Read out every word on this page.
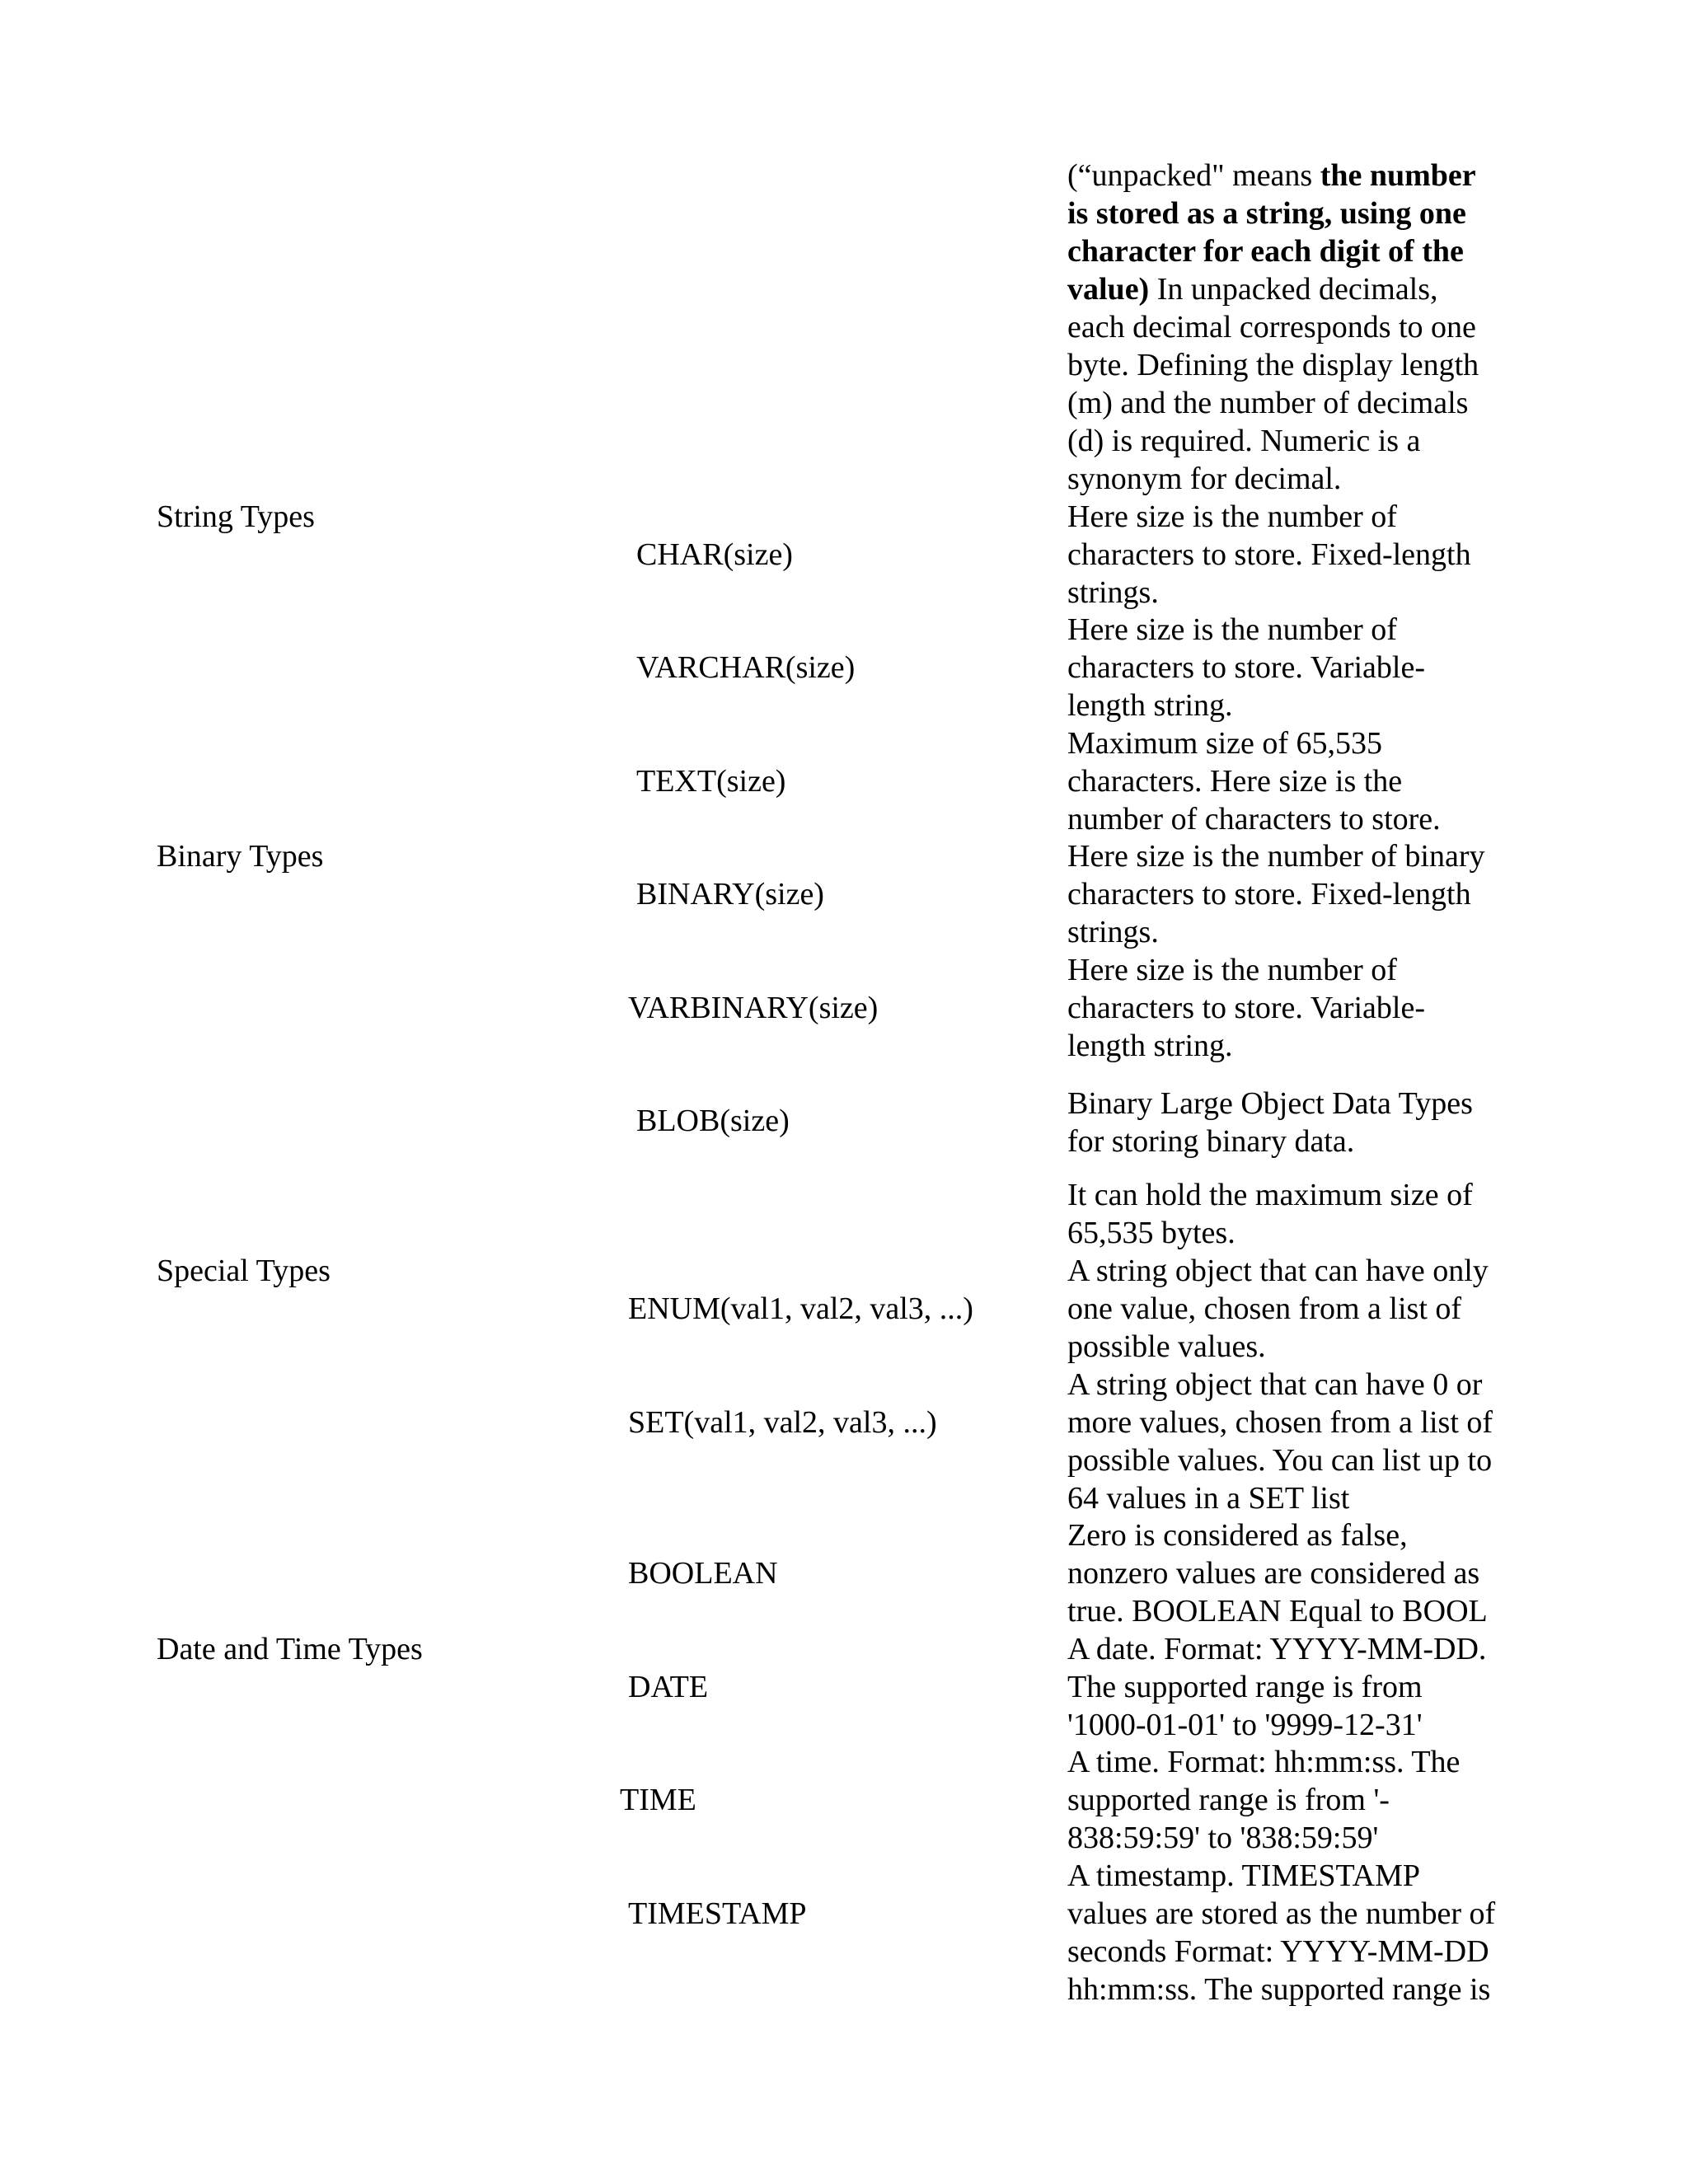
(“unpacked" means the number
is stored as a string, using one
character for each digit of the
value) In unpacked decimals,
each decimal corresponds to one
byte. Defining the display length
(m) and the number of decimals
(d) is required. Numeric is a
synonym for decimal.
String Types
Binary Types
Special Types
Date and Time Types
CHAR(size)
VARCHAR(size)
TEXT(size)
BINARY(size)
VARBINARY(size)
BLOB(size)
ENUM(val1, val2, val3, ...)
SET(val1, val2, val3, ...)
BOOLEAN
DATE
TIME
TIMESTAMP
Here size is the number of
characters to store. Fixed-length
strings.
Here size is the number of
characters to store. Variable-
length string.
Maximum size of 65,535
characters. Here size is the
number of characters to store.
Here size is the number of binary
characters to store. Fixed-length
strings.
Here size is the number of
characters to store. Variable-
length string.
Binary Large Object Data Types
for storing binary data.
It can hold the maximum size of
65,535 bytes.
A string object that can have only
one value, chosen from a list of
possible values.
A string object that can have 0 or
more values, chosen from a list of
possible values. You can list up to
64 values in a SET list
Zero is considered as false,
nonzero values are considered as
true. BOOLEAN Equal to BOOL
A date. Format: YYYY-MM-DD.
The supported range is from
'1000-01-01' to '9999-12-31'
A time. Format: hh:mm:ss. The
supported range is from '-
838:59:59' to '838:59:59'
A timestamp. TIMESTAMP
values are stored as the number of
seconds Format: YYYY-MM-DD
hh:mm:ss. The supported range is
